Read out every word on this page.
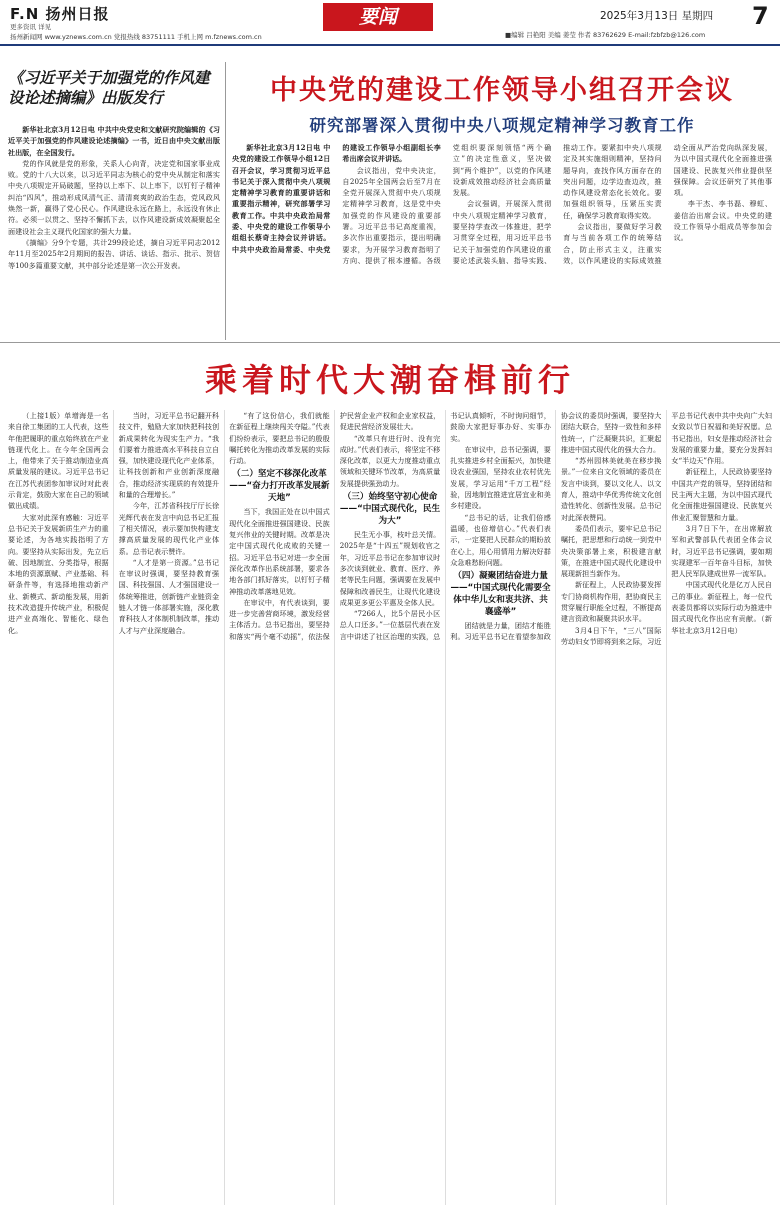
F.N 扬州日报
更多资讯 详见
扬州新闻网 www.yznews.com.cn 党报热线 83751111 手机上网 m.fznews.com.cn
要闻	2025年3月13日 星期四 7
■编辑 吕艳阳 美编 姜莹 作者 83762629 E-mail:fzbfzb@126.com
《习近平关于加强党的作风建设论述摘编》出版发行

新华社北京3月12日电 中共中央党史和文献研究院编辑的《习近平关于加强党的作风建设论述摘编》一书，近日由中央文献出版社出版，在全国发行。

党的作风就是党的形象，关系人心向背，决定党和国家事业成败。党的十八大以来，以习近平同志为核心的党中央从制定和落实中央八项规定开局破题，坚持以上率下、以上率下，以钉钉子精神纠治“四风”，推动形成风清气正、清清爽爽的政治生态，党风政风焕然一新，赢得了党心民心。作风建设永远在路上，永远没有休止符。必须一以贯之、坚持不懈抓下去，以作风建设新成效凝聚起全面建设社会主义现代化国家的强大力量。

《摘编》分9个专题，共计299段论述，摘自习近平同志2012年11月至2025年2月期间的报告、讲话、谈话、指示、批示、贺信等100多篇重要文献，其中部分论述是第一次公开发表。

中央党的建设工作领导小组召开会议
研究部署深入贯彻中央八项规定精神学习教育工作

新华社北京3月12日电 中央党的建设工作领导小组12日召开会议，学习贯彻习近平总书记关于深入贯彻中央八项规定精神学习教育的重要讲话和重要指示精神，研究部署学习教育工作。中共中央政治局常委、中央党的建设工作领导小组组长蔡奇主持会议并讲话。中共中央政治局常委、中央党的建设工作领导小组副组长李希出席会议并讲话。

会议指出，党中央决定，自2025年全国两会后至7月在全党开展深入贯彻中央八项规定精神学习教育，这是党中央加强党的作风建设的重要部署。习近平总书记高度重视，多次作出重要指示，提出明确要求，为开展学习教育指明了方向、提供了根本遵循。各级党组织要深刻领悟“两个确立”的决定性意义，坚决做到“两个维护”，以党的作风建设新成效推动经济社会高质量发展。

会议强调，开展深入贯彻中央八项规定精神学习教育，要坚持学查改一体推进，把学习贯穿全过程，用习近平总书记关于加强党的作风建设的重要论述武装头脑、指导实践、推动工作。要紧扣中央八项规定及其实施细则精神，坚持问题导向，查找作风方面存在的突出问题，边学边查边改，推动作风建设常态化长效化。要加强组织领导，压紧压实责任，确保学习教育取得实效。

会议指出，要做好学习教育与当前各项工作的统筹结合，防止形式主义，注重实效，以作风建设的实际成效推动全面从严治党向纵深发展，为以中国式现代化全面推进强国建设、民族复兴伟业提供坚强保障。会议还研究了其他事项。

李干杰、李书磊、穆虹、姜信治出席会议。中央党的建设工作领导小组成员等参加会议。

乘着时代大潮奋楫前行

（上接1版）单增海是一名来自徐工集团的工人代表，这些年他把履职的重点始终放在产业链现代化上。在今年全国两会上，他带来了关于推动制造业高质量发展的建议。习近平总书记在江苏代表团参加审议时对此表示肯定，鼓励大家在自己的领域做出成绩。

大家对此深有感触：习近平总书记关于发展新质生产力的重要论述，为各地实践指明了方向。要坚持从实际出发，先立后破、因地制宜、分类指导，根据本地的资源禀赋、产业基础、科研条件等，有选择地推动新产业、新模式、新动能发展，用新技术改造提升传统产业，积极促进产业高端化、智能化、绿色化。

当时，习近平总书记翻开科技文件，勉励大家加快把科技创新成果转化为现实生产力。“我们要着力推进高水平科技自立自强，加快建设现代化产业体系，让科技创新和产业创新深度融合，推动经济实现质的有效提升和量的合理增长。”

今年，江苏省科技厅厅长徐光辉代表在发言中向总书记汇报了相关情况，表示要加快构建支撑高质量发展的现代化产业体系。总书记表示赞许。

“人才是第一资源。”总书记在审议时强调，要坚持教育强国、科技强国、人才强国建设一体统筹推进，创新链产业链资金链人才链一体部署实施，深化教育科技人才体制机制改革，推动人才与产业深度融合。

“有了这份信心，我们就能在新征程上继续闯关夺隘。”代表们纷纷表示，要把总书记的殷殷嘱托转化为推动改革发展的实际行动。

（二）坚定不移深化改革——“奋力打开改革发展新天地”

当下，我国正处在以中国式现代化全面推进强国建设、民族复兴伟业的关键时期。改革是决定中国式现代化成败的关键一招。习近平总书记对进一步全面深化改革作出系统部署，要求各地各部门抓好落实，以钉钉子精神推动改革落地见效。

在审议中，有代表谈到，要进一步完善营商环境，激发经营主体活力。总书记指出，要坚持和落实“两个毫不动摇”，依法保护民营企业产权和企业家权益，促进民营经济发展壮大。

“改革只有进行时、没有完成时。”代表们表示，将坚定不移深化改革，以更大力度推动重点领域和关键环节改革，为高质量发展提供强劲动力。

（三）始终坚守初心使命——“中国式现代化，民生为大”

民生无小事，枝叶总关情。2025年是“十四五”规划收官之年，习近平总书记在参加审议时多次谈到就业、教育、医疗、养老等民生问题，强调要在发展中保障和改善民生，让现代化建设成果更多更公平惠及全体人民。

“7266人，比5个居民小区总人口还多。”一位基层代表在发言中讲述了社区治理的实践，总书记认真倾听，不时询问细节，鼓励大家把好事办好、实事办实。

在审议中，总书记强调，要扎实推进乡村全面振兴，加快建设农业强国，坚持农业农村优先发展，学习运用“千万工程”经验，因地制宜推进宜居宜业和美乡村建设。

“总书记的话，让我们倍感温暖，也倍增信心。”代表们表示，一定要把人民群众的期盼放在心上，用心用情用力解决好群众急难愁盼问题。

（四）凝聚团结奋进力量——“中国式现代化需要全体中华儿女和衷共济、共襄盛举”

团结就是力量，团结才能胜利。习近平总书记在看望参加政协会议的委员时强调，要坚持大团结大联合，坚持一致性和多样性统一，广泛凝聚共识，汇聚起推进中国式现代化的强大合力。

“苏州园林美就美在移步换景。”一位来自文化领域的委员在发言中谈到，要以文化人、以文育人，推动中华优秀传统文化创造性转化、创新性发展。总书记对此深表赞同。

委员们表示，要牢记总书记嘱托，把思想和行动统一到党中央决策部署上来，积极建言献策，在推进中国式现代化建设中展现新担当新作为。

新征程上，人民政协要发挥专门协商机构作用，把协商民主贯穿履行职能全过程，不断提高建言资政和凝聚共识水平。

3月4日下午，“三八”国际劳动妇女节即将到来之际，习近平总书记代表中共中央向广大妇女致以节日祝福和美好祝愿。总书记指出，妇女是推动经济社会发展的重要力量，要充分发挥妇女“半边天”作用。

新征程上，人民政协要坚持中国共产党的领导，坚持团结和民主两大主题，为以中国式现代化全面推进强国建设、民族复兴伟业汇聚智慧和力量。

3月7日下午，在出席解放军和武警部队代表团全体会议时，习近平总书记强调，要如期实现建军一百年奋斗目标，加快把人民军队建成世界一流军队。

中国式现代化是亿万人民自己的事业。新征程上，每一位代表委员都将以实际行动为推进中国式现代化作出应有贡献。（新华社北京3月12日电）
